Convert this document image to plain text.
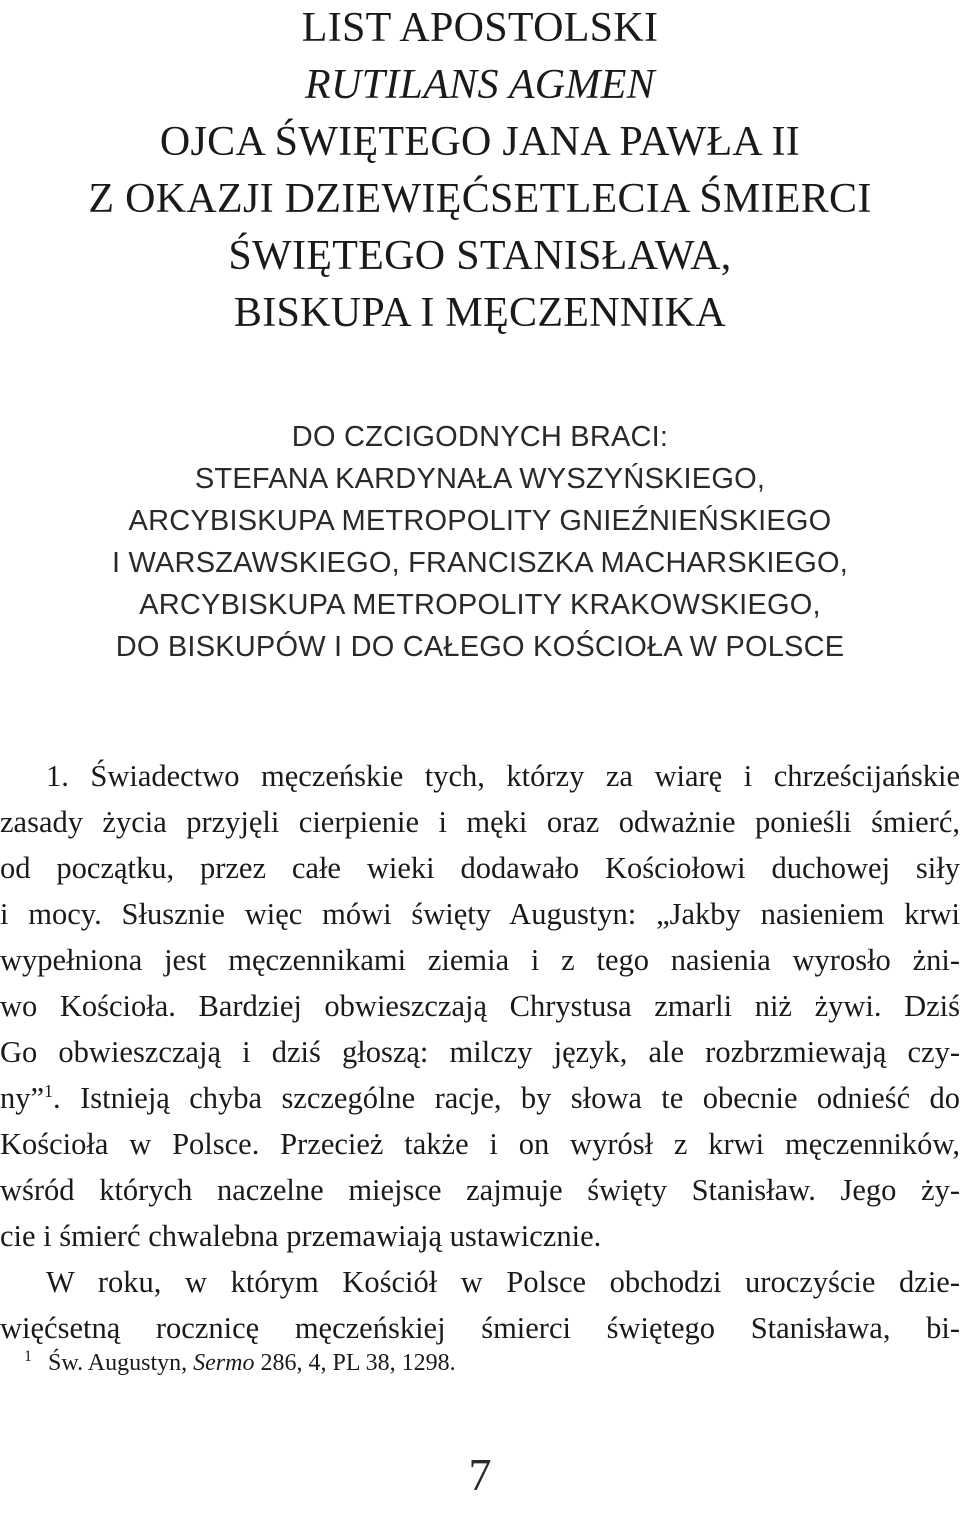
LIST APOSTOLSKI
RUTILANS AGMEN
OJCA ŚWIĘTEGO JANA PAWŁA II
Z OKAZJI DZIEWIĘĆSETLECIA ŚMIERCI
ŚWIĘTEGO STANISŁAWA,
BISKUPA I MĘCZENNIKA
DO CZCIGODNYCH BRACI:
STEFANA KARDYNAŁA WYSZYŃSKIEGO,
ARCYBISKUPA METROPOLITY GNIEŹNIEŃSKIEGO
I WARSZAWSKIEGO, FRANCISZKA MACHARSKIEGO,
ARCYBISKUPA METROPOLITY KRAKOWSKIEGO,
DO BISKUPÓW I DO CAŁEGO KOŚCIOŁA W POLSCE
1. Świadectwo męczeńskie tych, którzy za wiarę i chrześcijańskie
zasady życia przyjęli cierpienie i męki oraz odważnie ponieśli śmierć,
od początku, przez całe wieki dodawało Kościołowi duchowej siły
i mocy. Słusznie więc mówi święty Augustyn: „Jakby nasieniem krwi
wypełniona jest męczennikami ziemia i z tego nasienia wyrosło żni-
wo Kościoła. Bardziej obwieszczają Chrystusa zmarli niż żywi. Dziś
Go obwieszczają i dziś głoszą: milczy język, ale rozbrzmiewają czy-
ny”$^1$. Istnieją chyba szczególne racje, by słowa te obecnie odnieść do
Kościoła w Polsce. Przecież także i on wyrósł z krwi męczenników,
wśród których naczelne miejsce zajmuje święty Stanisław. Jego ży-
cie i śmierć chwalebna przemawiają ustawicznie.
W roku, w którym Kościół w Polsce obchodzi uroczyście dzie-
więćsetną rocznicę męczeńskiej śmierci świętego Stanisława, bi-
1 Św. Augustyn, Sermo 286, 4, PL 38, 1298.
7
